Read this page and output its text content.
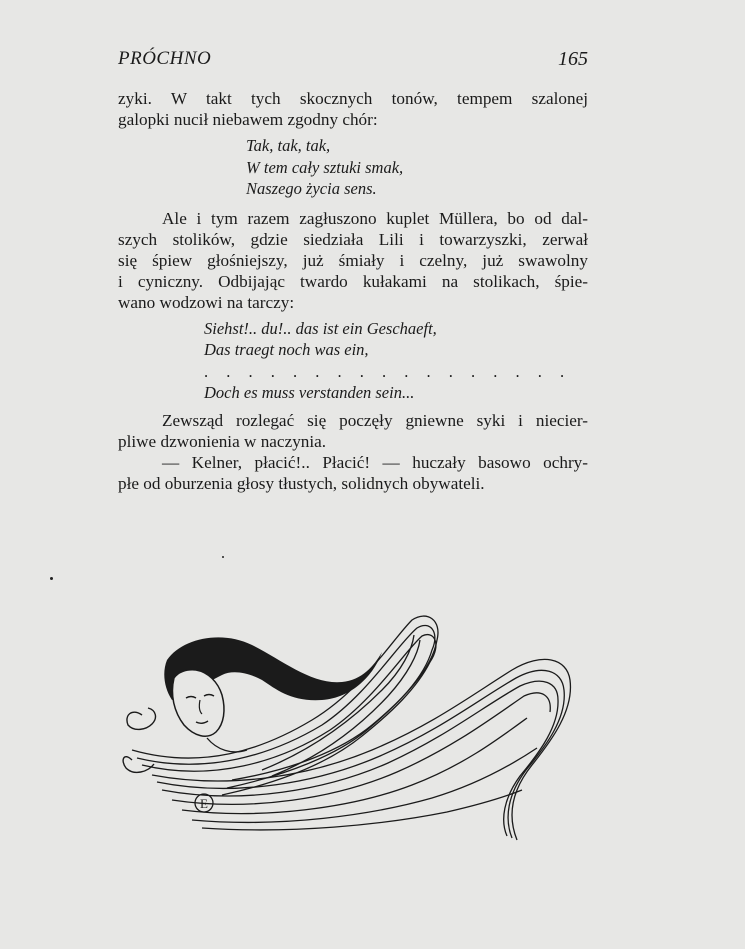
PRÓCHNO	165

zyki. W takt tych skocznych tonów, tempem szalonej
galopki nucił niebawem zgodny chór:

Tak, tak, tak,
W tem cały sztuki smak,
Naszego życia sens.

Ale i tym razem zagłuszono kuplet Müllera, bo od dal-
szych stolików, gdzie siedziała Lili i towarzyszki, zerwał
się śpiew głośniejszy, już śmiały i czelny, już swawolny
i cyniczny. Odbijając twardo kułakami na stolikach, śpie-
wano wodzowi na tarczy:

Siehst!.. du!.. das ist ein Geschaeft,
Das traegt noch was ein,
. . . . . . . . . . . . . . . . .
Doch es muss verstanden sein...

Zewsząd rozlegać się poczęły gniewne syki i niecier-
pliwe dzwonienia w naczynia.

— Kelner, płacić!.. Płacić! — huczały basowo ochry-
płe od oburzenia głosy tłustych, solidnych obywateli.

E
